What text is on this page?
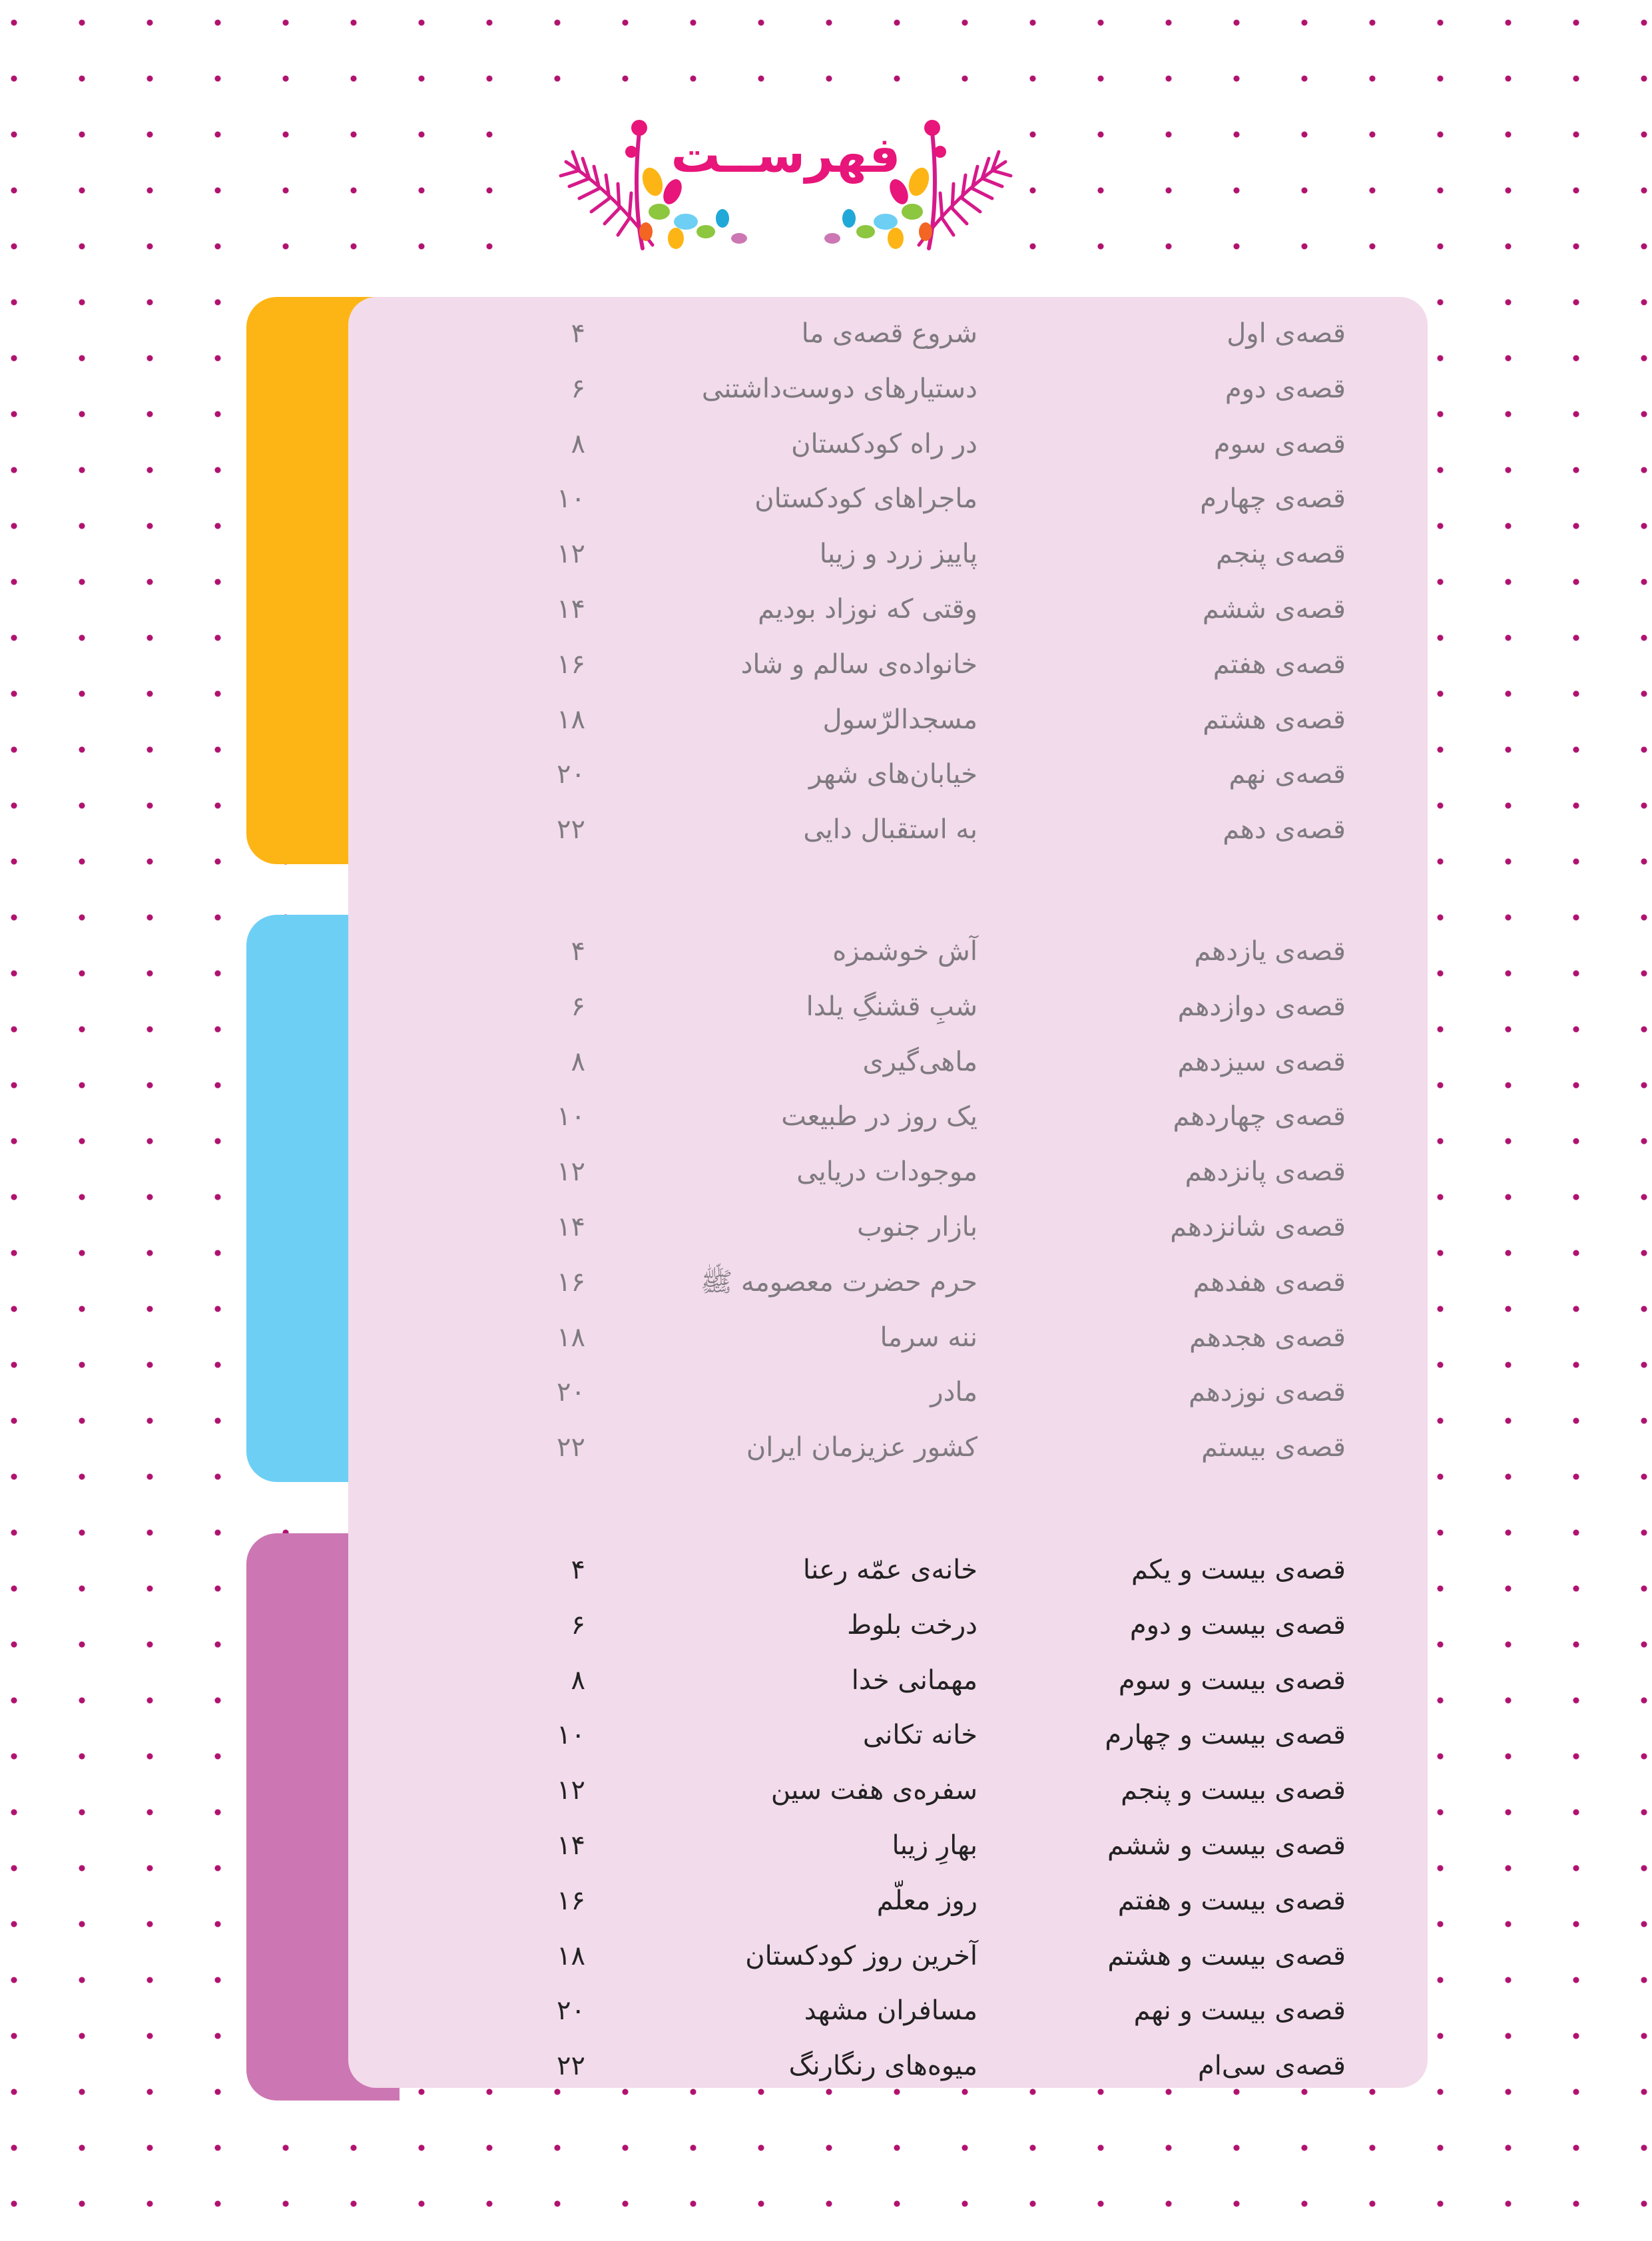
فهرســت
قصه‌ی اول
شروع قصه‌ی ما
۴
قصه‌ی دوم
دستیارهای دوست‌داشتنی
۶
قصه‌ی سوم
در راه کودکستان
۸
قصه‌ی چهارم
ماجراهای کودکستان
۱۰
قصه‌ی پنجم
پاییز زرد و زیبا
۱۲
قصه‌ی ششم
وقتی که نوزاد بودیم
۱۴
قصه‌ی هفتم
خانواده‌ی سالم و شاد
۱۶
قصه‌ی هشتم
مسجدالرّسول
۱۸
قصه‌ی نهم
خیابان‌های شهر
۲۰
قصه‌ی دهم
به استقبال دایی
۲۲
قصه‌ی یازدهم
آش خوشمزه
۴
قصه‌ی دوازدهم
شبِ قشنگِ یلدا
۶
قصه‌ی سیزدهم
ماهی‌گیری
۸
قصه‌ی چهاردهم
یک روز در طبیعت
۱۰
قصه‌ی پانزدهم
موجودات دریایی
۱۲
قصه‌ی شانزدهم
بازار جنوب
۱۴
قصه‌ی هفدهم
حرم حضرت معصومه ﷺ
۱۶
قصه‌ی هجدهم
ننه سرما
۱۸
قصه‌ی نوزدهم
مادر
۲۰
قصه‌ی بیستم
کشور عزیزمان ایران
۲۲
قصه‌ی بیست و یکم
خانه‌ی عمّه رعنا
۴
قصه‌ی بیست و دوم
درخت بلوط
۶
قصه‌ی بیست و سوم
مهمانی خدا
۸
قصه‌ی بیست و چهارم
خانه تکانی
۱۰
قصه‌ی بیست و پنجم
سفره‌ی هفت سین
۱۲
قصه‌ی بیست و ششم
بهارِ زیبا
۱۴
قصه‌ی بیست و هفتم
روز معلّم
۱۶
قصه‌ی بیست و هشتم
آخرین روز کودکستان
۱۸
قصه‌ی بیست و نهم
مسافران مشهد
۲۰
قصه‌ی سی‌ام
میوه‌های رنگارنگ
۲۲
